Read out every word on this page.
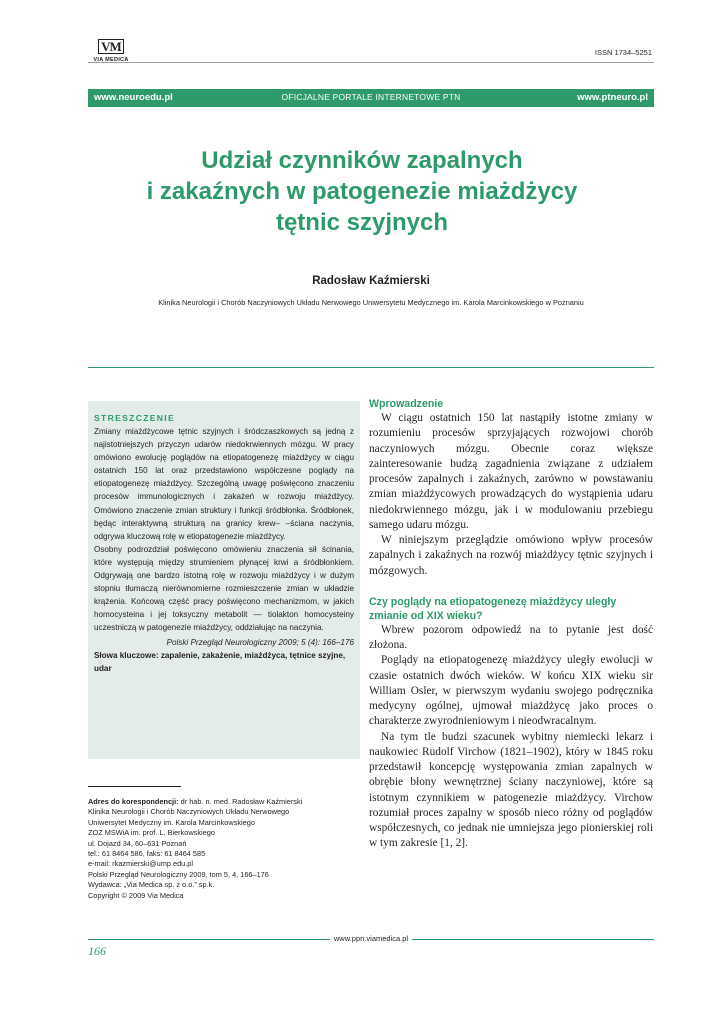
VM
VIA MEDICA
ISSN 1734–5251
www.neuroedu.pl	OFICJALNE PORTALE INTERNETOWE PTN	www.ptneuro.pl
Udział czynników zapalnych
i zakaźnych w patogenezie miażdżycy
tętnic szyjnych
Radosław Kaźmierski
Klinika Neurologii i Chorób Naczyniowych Układu Nerwowego Uniwersytetu Medycznego im. Karola Marcinkowskiego w Poznaniu
STRESZCZENIE

Zmiany miażdżycowe tętnic szyjnych i śródczaszkowych są jedną z najistotniejszych przyczyn udarów niedokrwiennych mózgu. W pracy omówiono ewolucję poglądów na etiopatogenezę miażdżycy w ciągu ostatnich 150 lat oraz przedstawiono współczesne poglądy na etiopatogenezę miażdżycy. Szczególną uwagę poświęcono znaczeniu procesów immunologicznych i zakażeń w rozwoju miażdżycy. Omówiono znaczenie zmian struktury i funkcji śródbłonka. Śródbłonek, będąc interaktywną strukturą na granicy krew– –ściana naczynia, odgrywa kluczową rolę w etiopatogenezie miażdżycy.

Osobny podrozdział poświęcono omówieniu znaczenia sił ścinania, które występują między strumieniem płynącej krwi a śródbłonkiem. Odgrywają one bardzo istotną rolę w rozwoju miażdżycy i w dużym stopniu tłumaczą nierównomierne rozmieszczenie zmian w układzie krążenia. Końcową część pracy poświęcono mechanizmom, w jakich homocysteina i jej toksyczny metabolit — tiolakton homocysteiny uczestniczą w patogenezie miażdżycy, oddziałując na naczynia.

Polski Przegląd Neurologiczny 2009; 5 (4): 166–176
Słowa kluczowe: zapalenie, zakażenie, miażdżyca, tętnice szyjne, udar
Adres do korespondencji: dr hab. n. med. Radosław Kaźmierski
Klinika Neurologii i Chorób Naczyniowych Układu Nerwowego
Uniwersytet Medyczny im. Karola Marcinkowskiego
ZOZ MSWiA im. prof. L. Bierkowskiego
ul. Dojazd 34, 60–631 Poznań
tel.: 61 8464 586, faks: 61 8464 585
e-mail: rkazmierski@ump.edu.pl
Polski Przegląd Neurologiczny 2009, tom 5, 4, 166–176
Wydawca: „Via Medica sp. z o.o.” sp.k.
Copyright © 2009 Via Medica
Wprowadzenie

W ciągu ostatnich 150 lat nastąpiły istotne zmiany w rozumieniu procesów sprzyjających rozwojowi chorób naczyniowych mózgu. Obecnie coraz większe zainteresowanie budzą zagadnienia związane z udziałem procesów zapalnych i zakaźnych, zarówno w powstawaniu zmian miażdżycowych prowadzących do wystąpienia udaru niedokrwiennego mózgu, jak i w modulowaniu przebiegu samego udaru mózgu.

W niniejszym przeglądzie omówiono wpływ procesów zapalnych i zakaźnych na rozwój miażdżycy tętnic szyjnych i mózgowych.

Czy poglądy na etiopatogenezę miażdżycy uległy zmianie od XIX wieku?

Wbrew pozorom odpowiedź na to pytanie jest dość złożona.

Poglądy na etiopatogenezę miażdżycy uległy ewolucji w czasie ostatnich dwóch wieków. W końcu XIX wieku sir William Osler, w pierwszym wydaniu swojego podręcznika medycyny ogólnej, ujmował miażdżycę jako proces o charakterze zwyrodnieniowym i nieodwracalnym.

Na tym tle budzi szacunek wybitny niemiecki lekarz i naukowiec Rudolf Virchow (1821–1902), który w 1845 roku przedstawił koncepcję występowania zmian zapalnych w obrębie błony wewnętrznej ściany naczyniowej, które są istotnym czynnikiem w patogenezie miażdżycy. Virchow rozumiał proces zapalny w sposób nieco różny od poglądów współczesnych, co jednak nie umniejsza jego pionierskiej roli w tym zakresie [1, 2].

www.ppn.viamedica.pl
166
